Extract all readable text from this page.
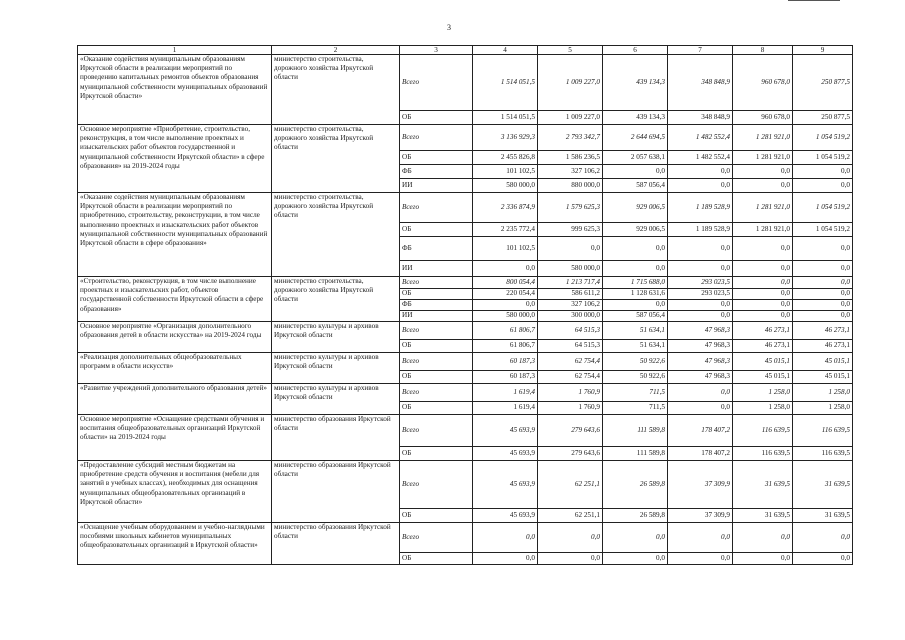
3
1	2	3	4	5	6	7	8	9
«Оказание содействия муниципальным образованиям Иркутской области в реализации мероприятий по проведению капитальных ремонтов объектов образования муниципальной собственности муниципальных образований Иркутской области»	министерство строительства, дорожного хозяйства Иркутской области	Всего	1 514 051,5	1 009 227,0	439 134,3	348 848,9	960 678,0	250 877,5
		ОБ	1 514 051,5	1 009 227,0	439 134,3	348 848,9	960 678,0	250 877,5
Основное мероприятие «Приобретение, строительство, реконструкция, в том числе выполнение проектных и изыскательских работ объектов государственной и муниципальной собственности Иркутской области» в сфере образования» на 2019-2024 годы	министерство строительства, дорожного хозяйства Иркутской области	Всего	3 136 929,3	2 793 342,7	2 644 694,5	1 482 552,4	1 281 921,0	1 054 519,2
		ОБ	2 455 826,8	1 586 236,5	2 057 638,1	1 482 552,4	1 281 921,0	1 054 519,2
		ФБ	101 102,5	327 106,2	0,0	0,0	0,0	0,0
		ИИ	580 000,0	880 000,0	587 056,4	0,0	0,0	0,0
«Оказание содействия муниципальным образованиям Иркутской области в реализации мероприятий по приобретению, строительству, реконструкции, в том числе выполнению проектных и изыскательских работ объектов муниципальной собственности муниципальных образований Иркутской области в сфере образования»	министерство строительства, дорожного хозяйства Иркутской области	Всего	2 336 874,9	1 579 625,3	929 006,5	1 189 528,9	1 281 921,0	1 054 519,2
		ОБ	2 235 772,4	999 625,3	929 006,5	1 189 528,9	1 281 921,0	1 054 519,2
		ФБ	101 102,5	0,0	0,0	0,0	0,0	0,0
		ИИ	0,0	580 000,0	0,0	0,0	0,0	0,0
«Строительство, реконструкция, в том числе выполнение проектных и изыскательских работ, объектов государственной собственности Иркутской области в сфере образования»	министерство строительства, дорожного хозяйства Иркутской области	Всего	800 054,4	1 213 717,4	1 715 688,0	293 023,5	0,0	0,0
		ОБ	220 054,4	586 611,2	1 128 631,6	293 023,5	0,0	0,0
		ФБ	0,0	327 106,2	0,0	0,0	0,0	0,0
		ИИ	580 000,0	300 000,0	587 056,4	0,0	0,0	0,0
Основное мероприятие «Организация дополнительного образования детей в области искусства» на 2019-2024 годы	министерство культуры и архивов Иркутской области	Всего	61 806,7	64 515,3	51 634,1	47 968,3	46 273,1	46 273,1
		ОБ	61 806,7	64 515,3	51 634,1	47 968,3	46 273,1	46 273,1
«Реализация дополнительных общеобразовательных программ в области искусств»	министерство культуры и архивов Иркутской области	Всего	60 187,3	62 754,4	50 922,6	47 968,3	45 015,1	45 015,1
		ОБ	60 187,3	62 754,4	50 922,6	47 968,3	45 015,1	45 015,1
«Развитие учреждений дополнительного образования детей»	министерство культуры и архивов Иркутской области	Всего	1 619,4	1 760,9	711,5	0,0	1 258,0	1 258,0
		ОБ	1 619,4	1 760,9	711,5	0,0	1 258,0	1 258,0
Основное мероприятие «Оснащение средствами обучения и воспитания общеобразовательных организаций Иркутской области» на 2019-2024 годы	министерство образования Иркутской области	Всего	45 693,9	279 643,6	111 589,8	178 407,2	116 639,5	116 639,5
		ОБ	45 693,9	279 643,6	111 589,8	178 407,2	116 639,5	116 639,5
«Предоставление субсидий местным бюджетам на приобретение средств обучения и воспитания (мебели для занятий в учебных классах), необходимых для оснащения муниципальных общеобразовательных организаций в Иркутской области»	министерство образования Иркутской области	Всего	45 693,9	62 251,1	26 589,8	37 309,9	31 639,5	31 639,5
		ОБ	45 693,9	62 251,1	26 589,8	37 309,9	31 639,5	31 639,5
«Оснащение учебным оборудованием и учебно-наглядными пособиями школьных кабинетов муниципальных общеобразовательных организаций в Иркутской области»	министерство образования Иркутской области	Всего	0,0	0,0	0,0	0,0	0,0	0,0
		ОБ	0,0	0,0	0,0	0,0	0,0	0,0
